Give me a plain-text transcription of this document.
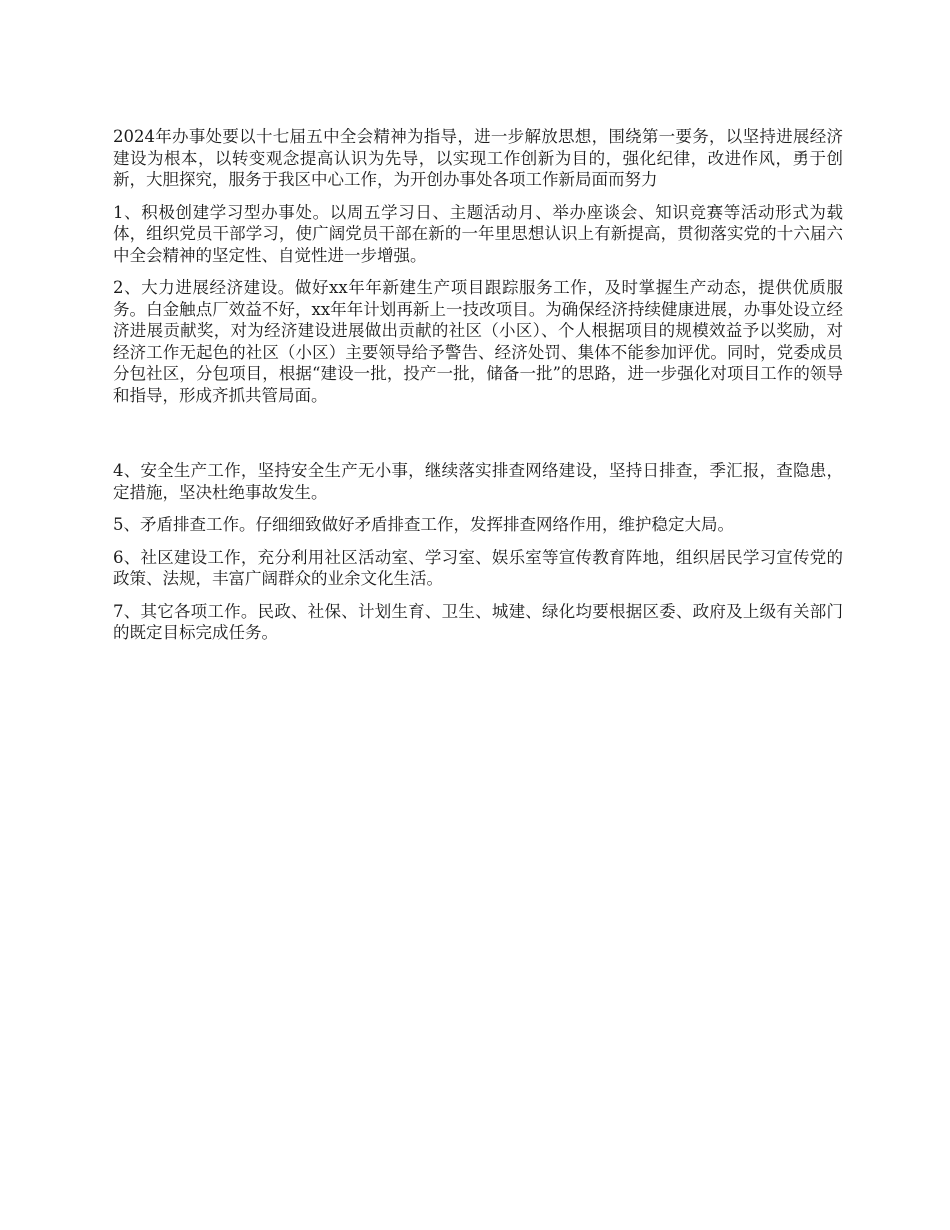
2024年办事处要以十七届五中全会精神为指导，进一步解放思想，围绕第一要务，以坚持进展经济建设为根本，以转变观念提高认识为先导，以实现工作创新为目的，强化纪律，改进作风，勇于创新，大胆探究，服务于我区中心工作，为开创办事处各项工作新局面而努力

1、积极创建学习型办事处。以周五学习日、主题活动月、举办座谈会、知识竞赛等活动形式为载体，组织党员干部学习，使广阔党员干部在新的一年里思想认识上有新提高，贯彻落实党的十六届六中全会精神的坚定性、自觉性进一步增强。

2、大力进展经济建设。做好xx年年新建生产项目跟踪服务工作，及时掌握生产动态，提供优质服务。白金触点厂效益不好，xx年年计划再新上一技改项目。为确保经济持续健康进展，办事处设立经济进展贡献奖，对为经济建设进展做出贡献的社区（小区）、个人根据项目的规模效益予以奖励，对经济工作无起色的社区（小区）主要领导给予警告、经济处罚、集体不能参加评优。同时，党委成员分包社区，分包项目，根据“建设一批，投产一批，储备一批”的思路，进一步强化对项目工作的领导和指导，形成齐抓共管局面。

4、安全生产工作，坚持安全生产无小事，继续落实排查网络建设，坚持日排查，季汇报，查隐患，定措施，坚决杜绝事故发生。

5、矛盾排查工作。仔细细致做好矛盾排查工作，发挥排查网络作用，维护稳定大局。

6、社区建设工作，充分利用社区活动室、学习室、娱乐室等宣传教育阵地，组织居民学习宣传党的政策、法规，丰富广阔群众的业余文化生活。

7、其它各项工作。民政、社保、计划生育、卫生、城建、绿化均要根据区委、政府及上级有关部门的既定目标完成任务。
